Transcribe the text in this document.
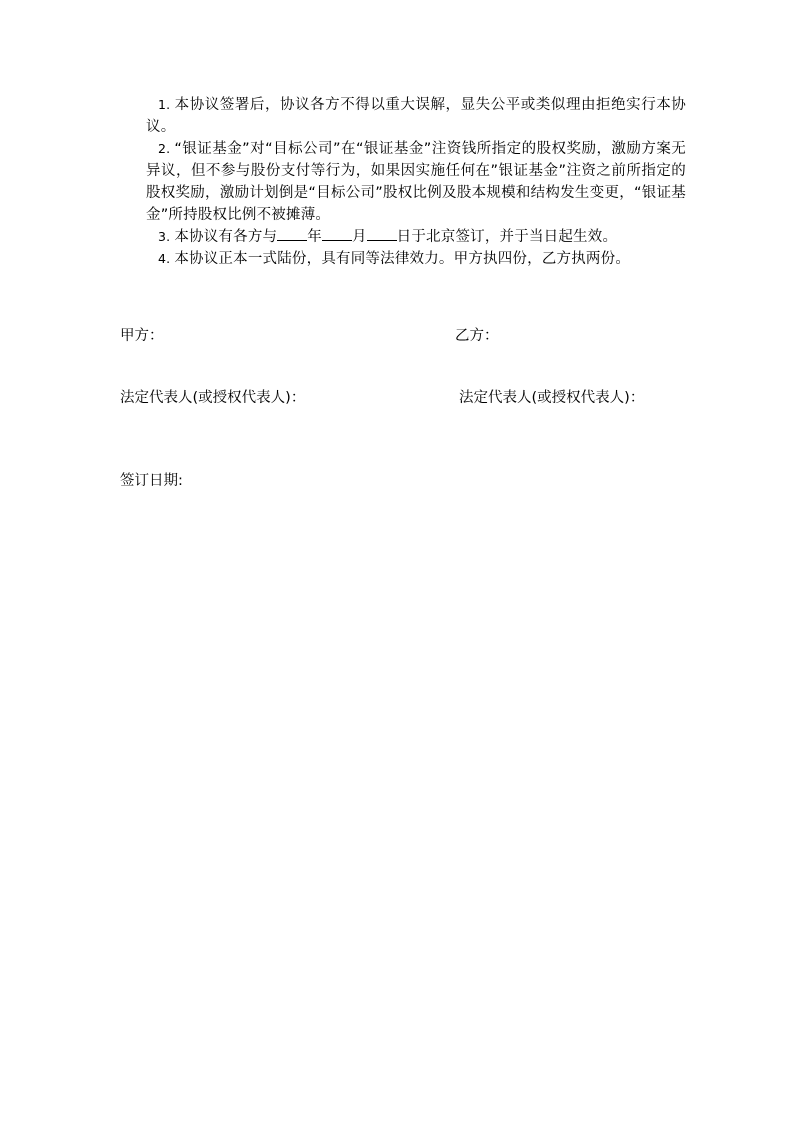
1. 本协议签署后，协议各方不得以重大误解，显失公平或类似理由拒绝实行本协议。

2. “银证基金”对“目标公司”在“银证基金”注资钱所指定的股权奖励，激励方案无异议，但不参与股份支付等行为，如果因实施任何在”银证基金”注资之前所指定的股权奖励，激励计划倒是“目标公司”股权比例及股本规模和结构发生变更，“银证基金”所持股权比例不被摊薄。

3. 本协议有各方与 年 月 日于北京签订，并于当日起生效。

4. 本协议正本一式陆份，具有同等法律效力。甲方执四份，乙方执两份。

甲方：	乙方：

法定代表人(或授权代表人)：	法定代表人(或授权代表人)：

签订日期:
